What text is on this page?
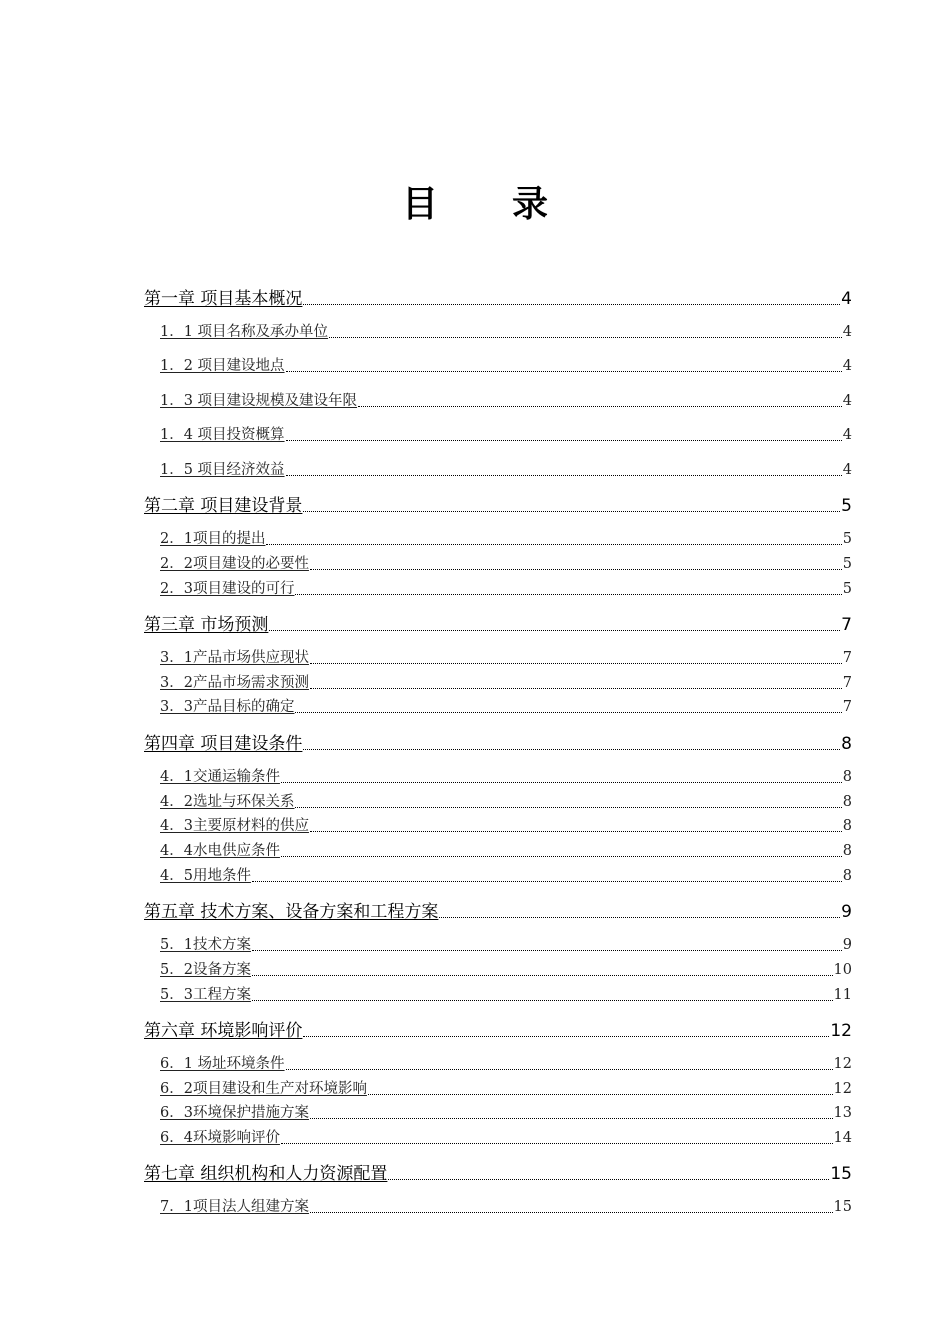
目 录
第一章 项目基本概况	4
1．1 项目名称及承办单位	4
1．2 项目建设地点	4
1．3 项目建设规模及建设年限	4
1．4 项目投资概算	4
1．5 项目经济效益	4
第二章 项目建设背景	5
2．1项目的提出	5
2．2项目建设的必要性	5
2．3项目建设的可行	5
第三章 市场预测	7
3．1产品市场供应现状	7
3．2产品市场需求预测	7
3．3产品目标的确定	7
第四章 项目建设条件	8
4．1交通运输条件	8
4．2选址与环保关系	8
4．3主要原材料的供应	8
4．4水电供应条件	8
4．5用地条件	8
第五章 技术方案、设备方案和工程方案	9
5．1技术方案	9
5．2设备方案	10
5．3工程方案	11
第六章 环境影响评价	12
6．1 场址环境条件	12
6．2项目建设和生产对环境影响	12
6．3环境保护措施方案	13
6．4环境影响评价	14
第七章 组织机构和人力资源配置	15
7．1项目法人组建方案	15
